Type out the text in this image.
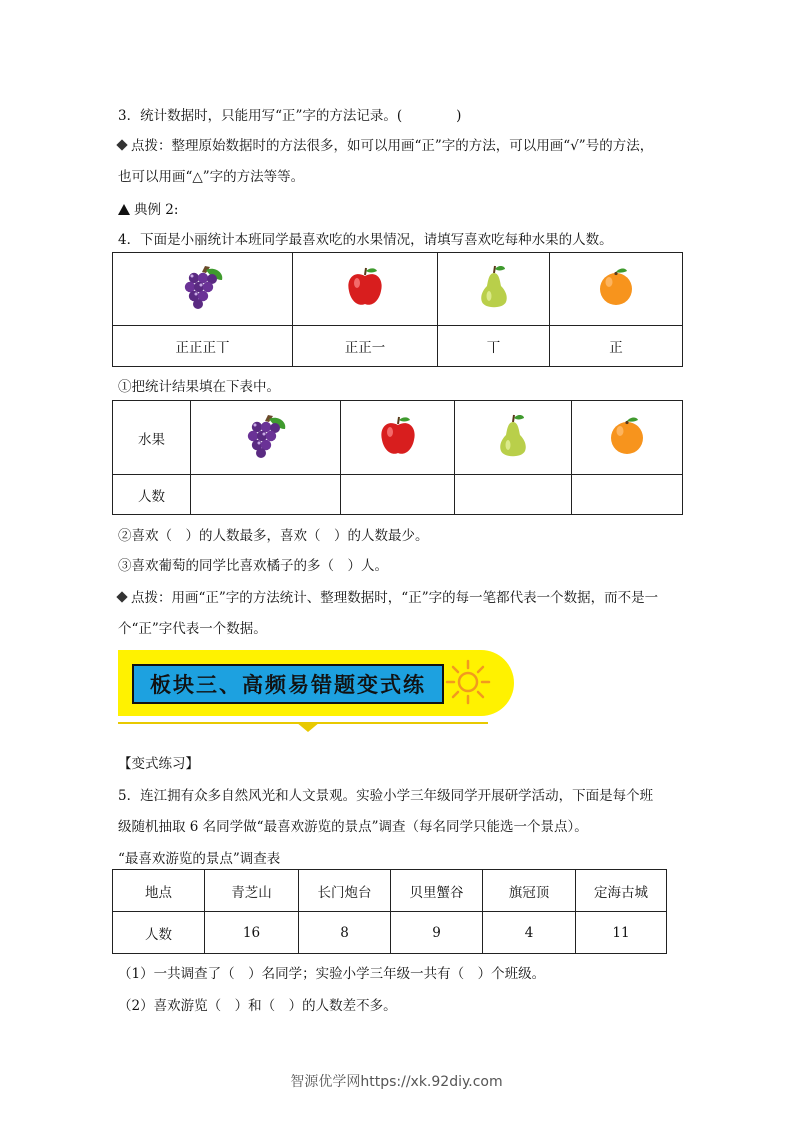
3．统计数据时，只能用写“正”字的方法记录。(　　　　)
点拨：整理原始数据时的方法很多，如可以用画“正”字的方法，可以用画“√”号的方法，
也可以用画“△”字的方法等等。
典例 2:
4．下面是小丽统计本班同学最喜欢吃的水果情况，请填写喜欢吃每种水果的人数。

正正正丅	正正一	丅	正
①把统计结果填在下表中。
水果				
人数				
②喜欢（　）的人数最多，喜欢（　）的人数最少。
③喜欢葡萄的同学比喜欢橘子的多（　）人。
点拨：用画“正”字的方法统计、整理数据时，“正”字的每一笔都代表一个数据，而不是一
个“正”字代表一个数据。
板块三、高频易错题变式练
【变式练习】
5．连江拥有众多自然风光和人文景观。实验小学三年级同学开展研学活动，下面是每个班
级随机抽取 6 名同学做“最喜欢游览的景点”调查（每名同学只能选一个景点）。
“最喜欢游览的景点”调查表
地点	青芝山	长门炮台	贝里蟹谷	旗冠顶	定海古城
人数	16	8	9	4	11
（1）一共调查了（　）名同学；实验小学三年级一共有（　）个班级。
（2）喜欢游览（　）和（　）的人数差不多。
智源优学网https://xk.92diy.com
